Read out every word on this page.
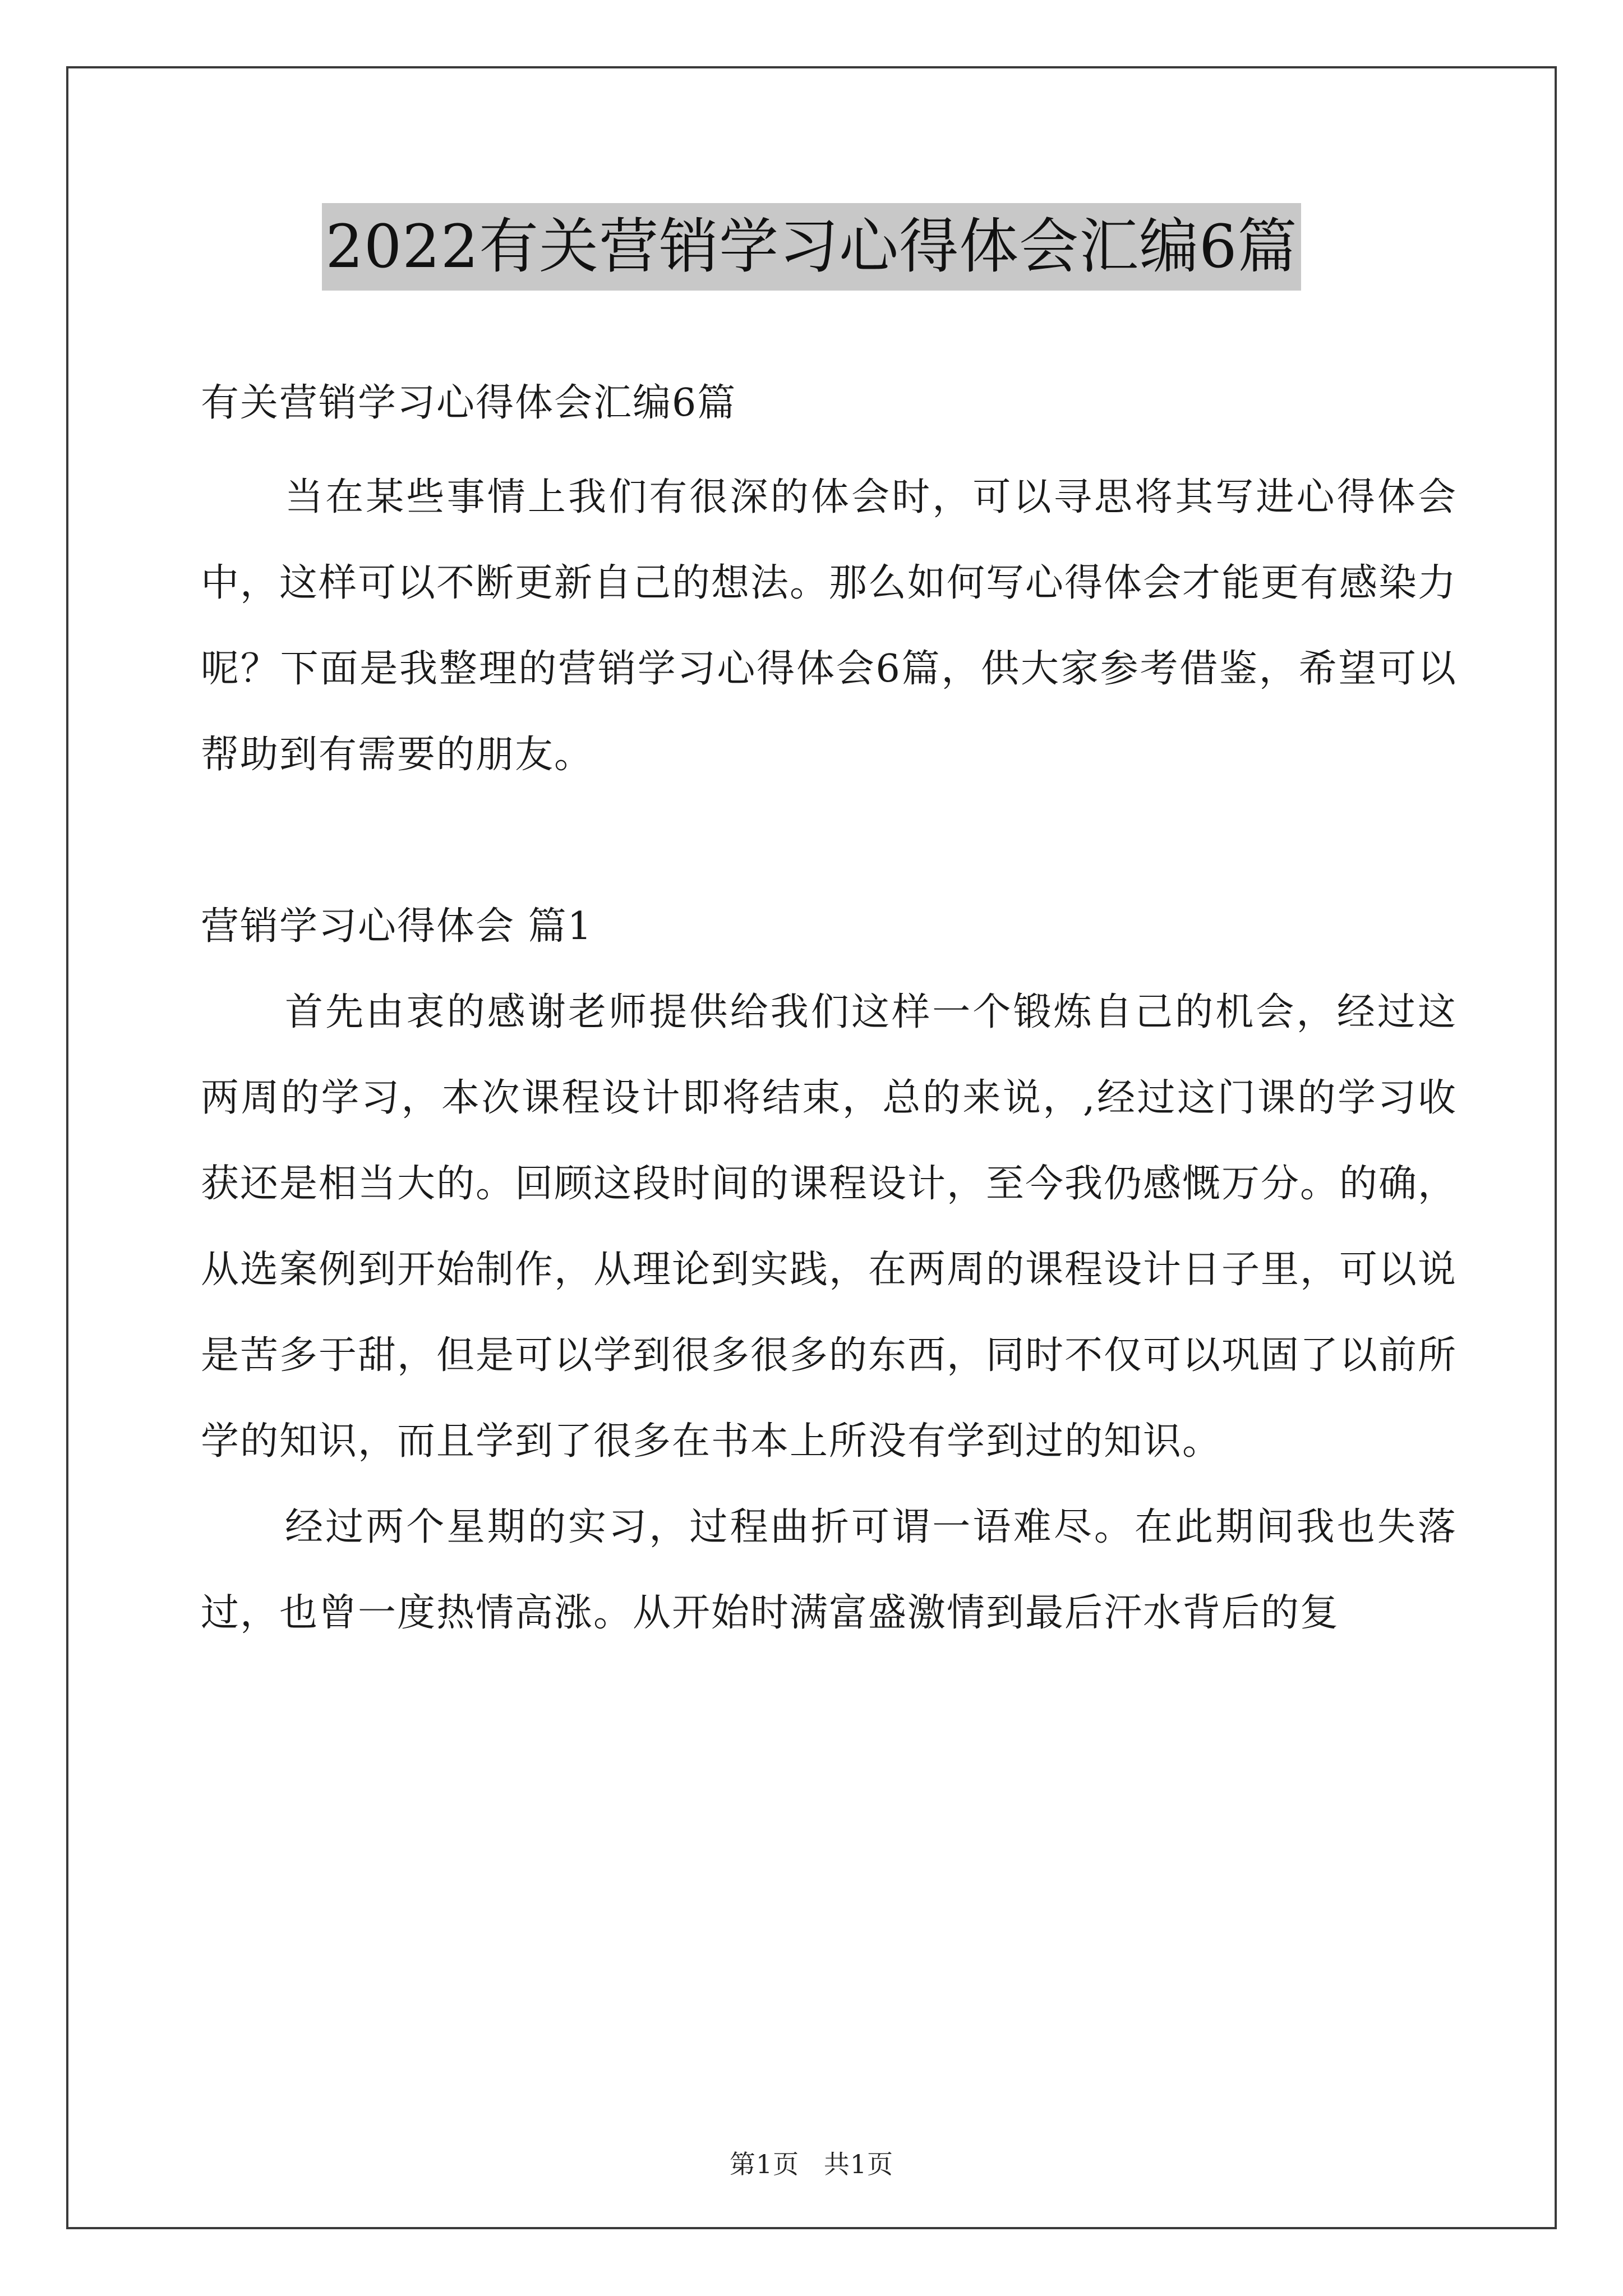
2022有关营销学习心得体会汇编6篇

有关营销学习心得体会汇编6篇

当在某些事情上我们有很深的体会时，可以寻思将其写进心得体会中，这样可以不断更新自己的想法。那么如何写心得体会才能更有感染力呢？下面是我整理的营销学习心得体会6篇，供大家参考借鉴，希望可以帮助到有需要的朋友。

营销学习心得体会 篇1

首先由衷的感谢老师提供给我们这样一个锻炼自己的机会，经过这两周的学习，本次课程设计即将结束，总的来说，,经过这门课的学习收获还是相当大的。回顾这段时间的课程设计，至今我仍感慨万分。的确，从选案例到开始制作，从理论到实践，在两周的课程设计日子里，可以说是苦多于甜，但是可以学到很多很多的东西，同时不仅可以巩固了以前所学的知识，而且学到了很多在书本上所没有学到过的知识。

经过两个星期的实习，过程曲折可谓一语难尽。在此期间我也失落过，也曾一度热情高涨。从开始时满富盛激情到最后汗水背后的复

第1页 共1页
